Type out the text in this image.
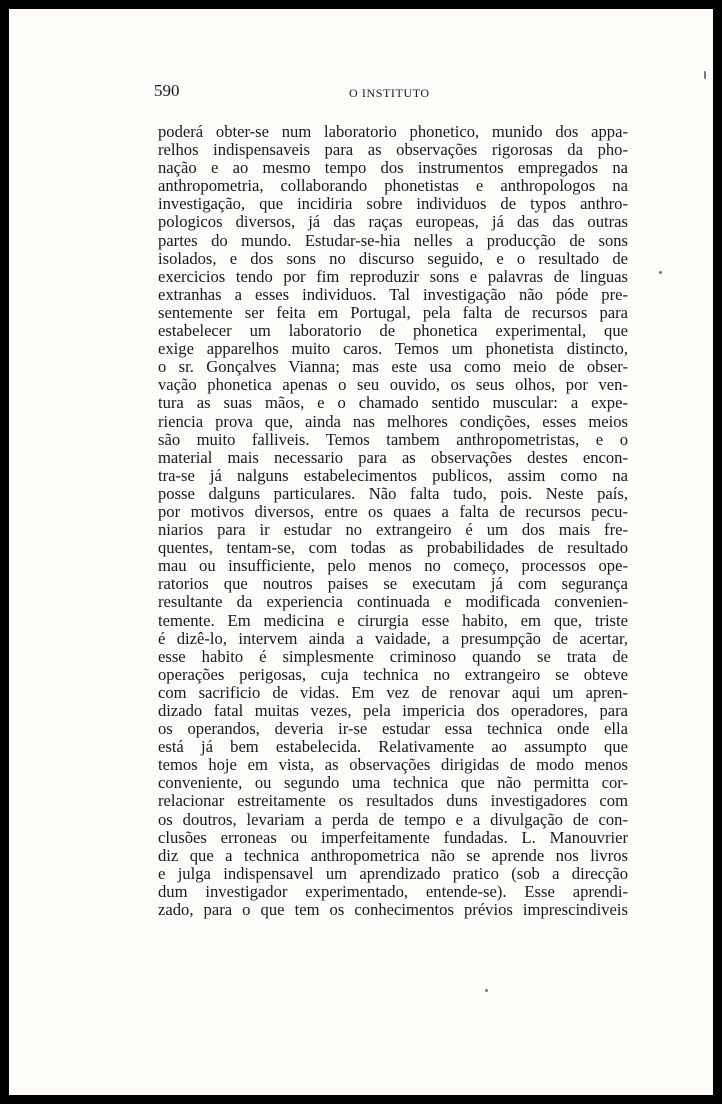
590	O INSTITUTO
poderá obter-se num laboratorio phonetico, munido dos appa-
relhos indispensaveis para as observações rigorosas da pho-
nação e ao mesmo tempo dos instrumentos empregados na
anthropometria, collaborando phonetistas e anthropologos na
investigação, que incidiria sobre individuos de typos anthro-
pologicos diversos, já das raças europeas, já das das outras
partes do mundo. Estudar-se-hia nelles a producção de sons
isolados, e dos sons no discurso seguido, e o resultado de
exercicios tendo por fim reproduzir sons e palavras de linguas
extranhas a esses individuos. Tal investigação não póde pre-
sentemente ser feita em Portugal, pela falta de recursos para
estabelecer um laboratorio de phonetica experimental, que
exige apparelhos muito caros. Temos um phonetista distincto,
o sr. Gonçalves Vianna; mas este usa como meio de obser-
vação phonetica apenas o seu ouvido, os seus olhos, por ven-
tura as suas mãos, e o chamado sentido muscular: a expe-
riencia prova que, ainda nas melhores condições, esses meios
são muito falliveis. Temos tambem anthropometristas, e o
material mais necessario para as observações destes encon-
tra-se já nalguns estabelecimentos publicos, assim como na
posse dalguns particulares. Não falta tudo, pois. Neste país,
por motivos diversos, entre os quaes a falta de recursos pecu-
niarios para ir estudar no extrangeiro é um dos mais fre-
quentes, tentam-se, com todas as probabilidades de resultado
mau ou insufficiente, pelo menos no começo, processos ope-
ratorios que noutros paises se executam já com segurança
resultante da experiencia continuada e modificada convenien-
temente. Em medicina e cirurgia esse habito, em que, triste
é dizê-lo, intervem ainda a vaidade, a presumpção de acertar,
esse habito é simplesmente criminoso quando se trata de
operações perigosas, cuja technica no extrangeiro se obteve
com sacrificio de vidas. Em vez de renovar aqui um apren-
dizado fatal muitas vezes, pela impericia dos operadores, para
os operandos, deveria ir-se estudar essa technica onde ella
está já bem estabelecida. Relativamente ao assumpto que
temos hoje em vista, as observações dirigidas de modo menos
conveniente, ou segundo uma technica que não permitta cor-
relacionar estreitamente os resultados duns investigadores com
os doutros, levariam a perda de tempo e a divulgação de con-
clusões erroneas ou imperfeitamente fundadas. L. Manouvrier
diz que a technica anthropometrica não se aprende nos livros
e julga indispensavel um aprendizado pratico (sob a direcção
dum investigador experimentado, entende-se). Esse aprendi-
zado, para o que tem os conhecimentos prévios imprescindiveis
